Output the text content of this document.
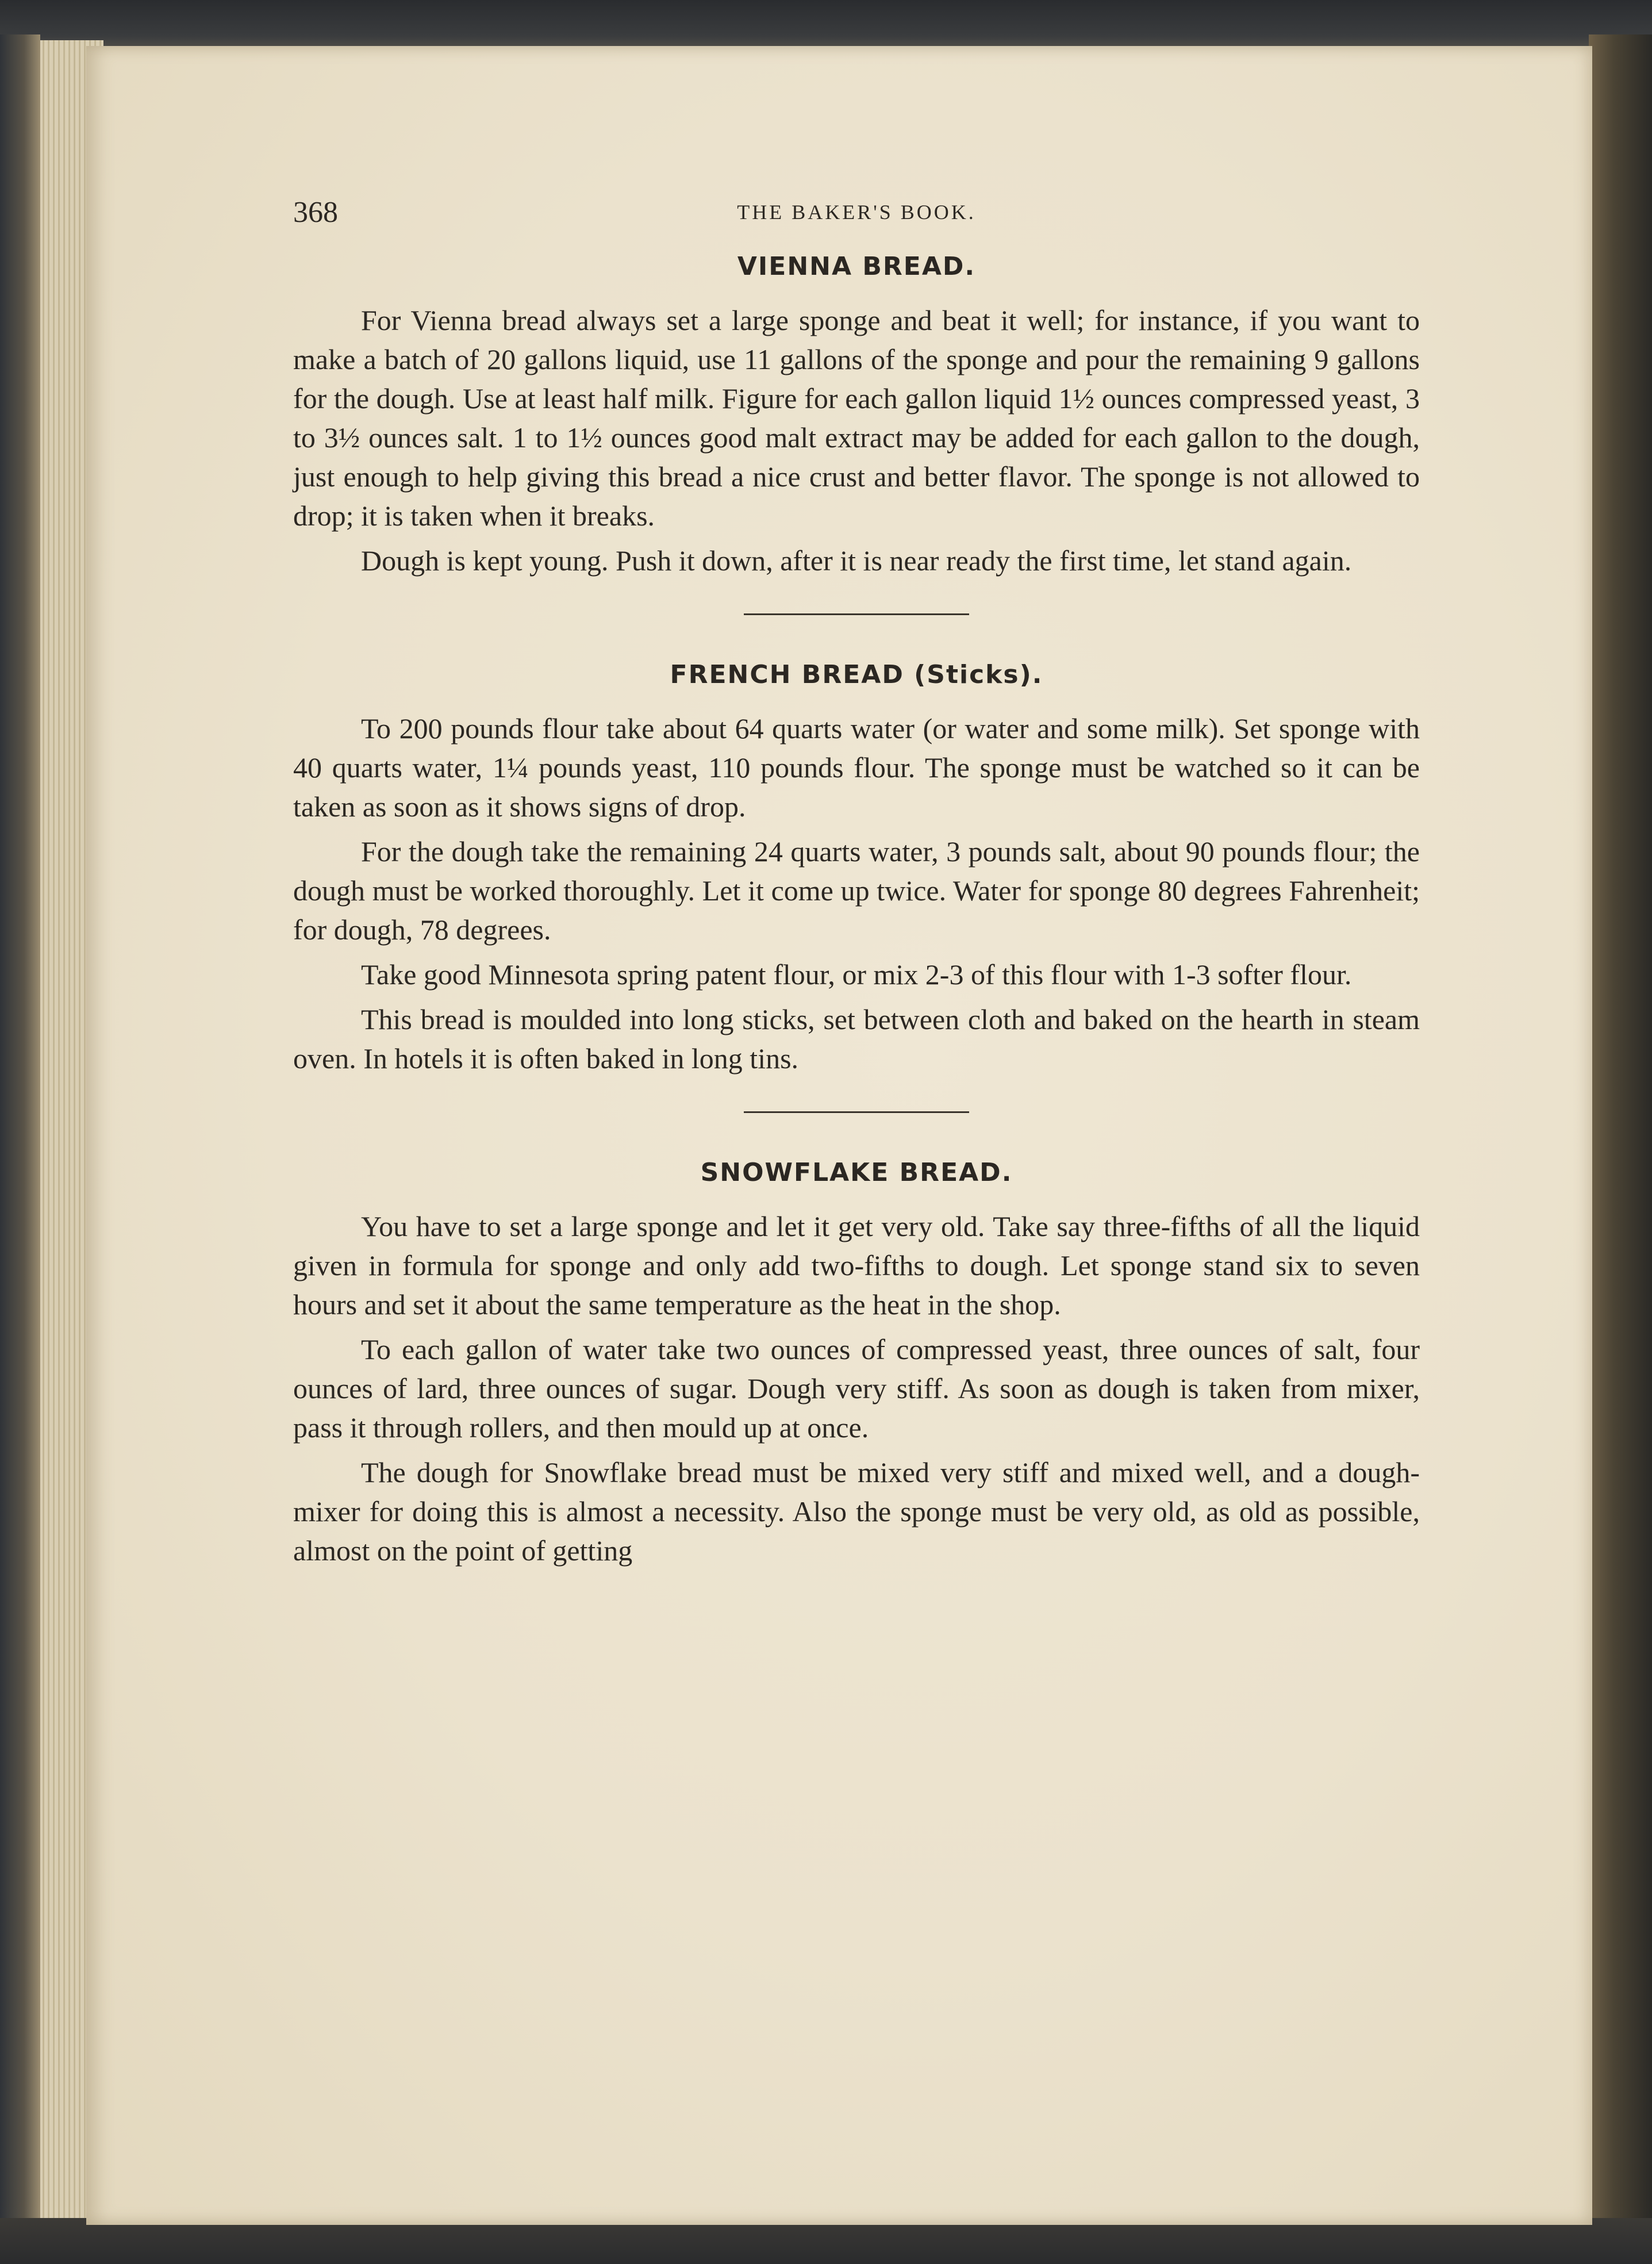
368	THE BAKER'S BOOK.
VIENNA BREAD.

For Vienna bread always set a large sponge and beat it well; for instance, if you want to make a batch of 20 gallons liquid, use 11 gallons of the sponge and pour the remaining 9 gallons for the dough. Use at least half milk. Figure for each gallon liquid 1½ ounces compressed yeast, 3 to 3½ ounces salt. 1 to 1½ ounces good malt extract may be added for each gallon to the dough, just enough to help giving this bread a nice crust and better flavor. The sponge is not allowed to drop; it is taken when it breaks.

Dough is kept young. Push it down, after it is near ready the first time, let stand again.

FRENCH BREAD (Sticks).

To 200 pounds flour take about 64 quarts water (or water and some milk). Set sponge with 40 quarts water, 1¼ pounds yeast, 110 pounds flour. The sponge must be watched so it can be taken as soon as it shows signs of drop.

For the dough take the remaining 24 quarts water, 3 pounds salt, about 90 pounds flour; the dough must be worked thoroughly. Let it come up twice. Water for sponge 80 degrees Fahrenheit; for dough, 78 degrees.

Take good Minnesota spring patent flour, or mix 2-3 of this flour with 1-3 softer flour.

This bread is moulded into long sticks, set between cloth and baked on the hearth in steam oven. In hotels it is often baked in long tins.

SNOWFLAKE BREAD.

You have to set a large sponge and let it get very old. Take say three-fifths of all the liquid given in formula for sponge and only add two-fifths to dough. Let sponge stand six to seven hours and set it about the same temperature as the heat in the shop.

To each gallon of water take two ounces of compressed yeast, three ounces of salt, four ounces of lard, three ounces of sugar. Dough very stiff. As soon as dough is taken from mixer, pass it through rollers, and then mould up at once.

The dough for Snowflake bread must be mixed very stiff and mixed well, and a dough-mixer for doing this is almost a necessity. Also the sponge must be very old, as old as possible, almost on the point of getting
